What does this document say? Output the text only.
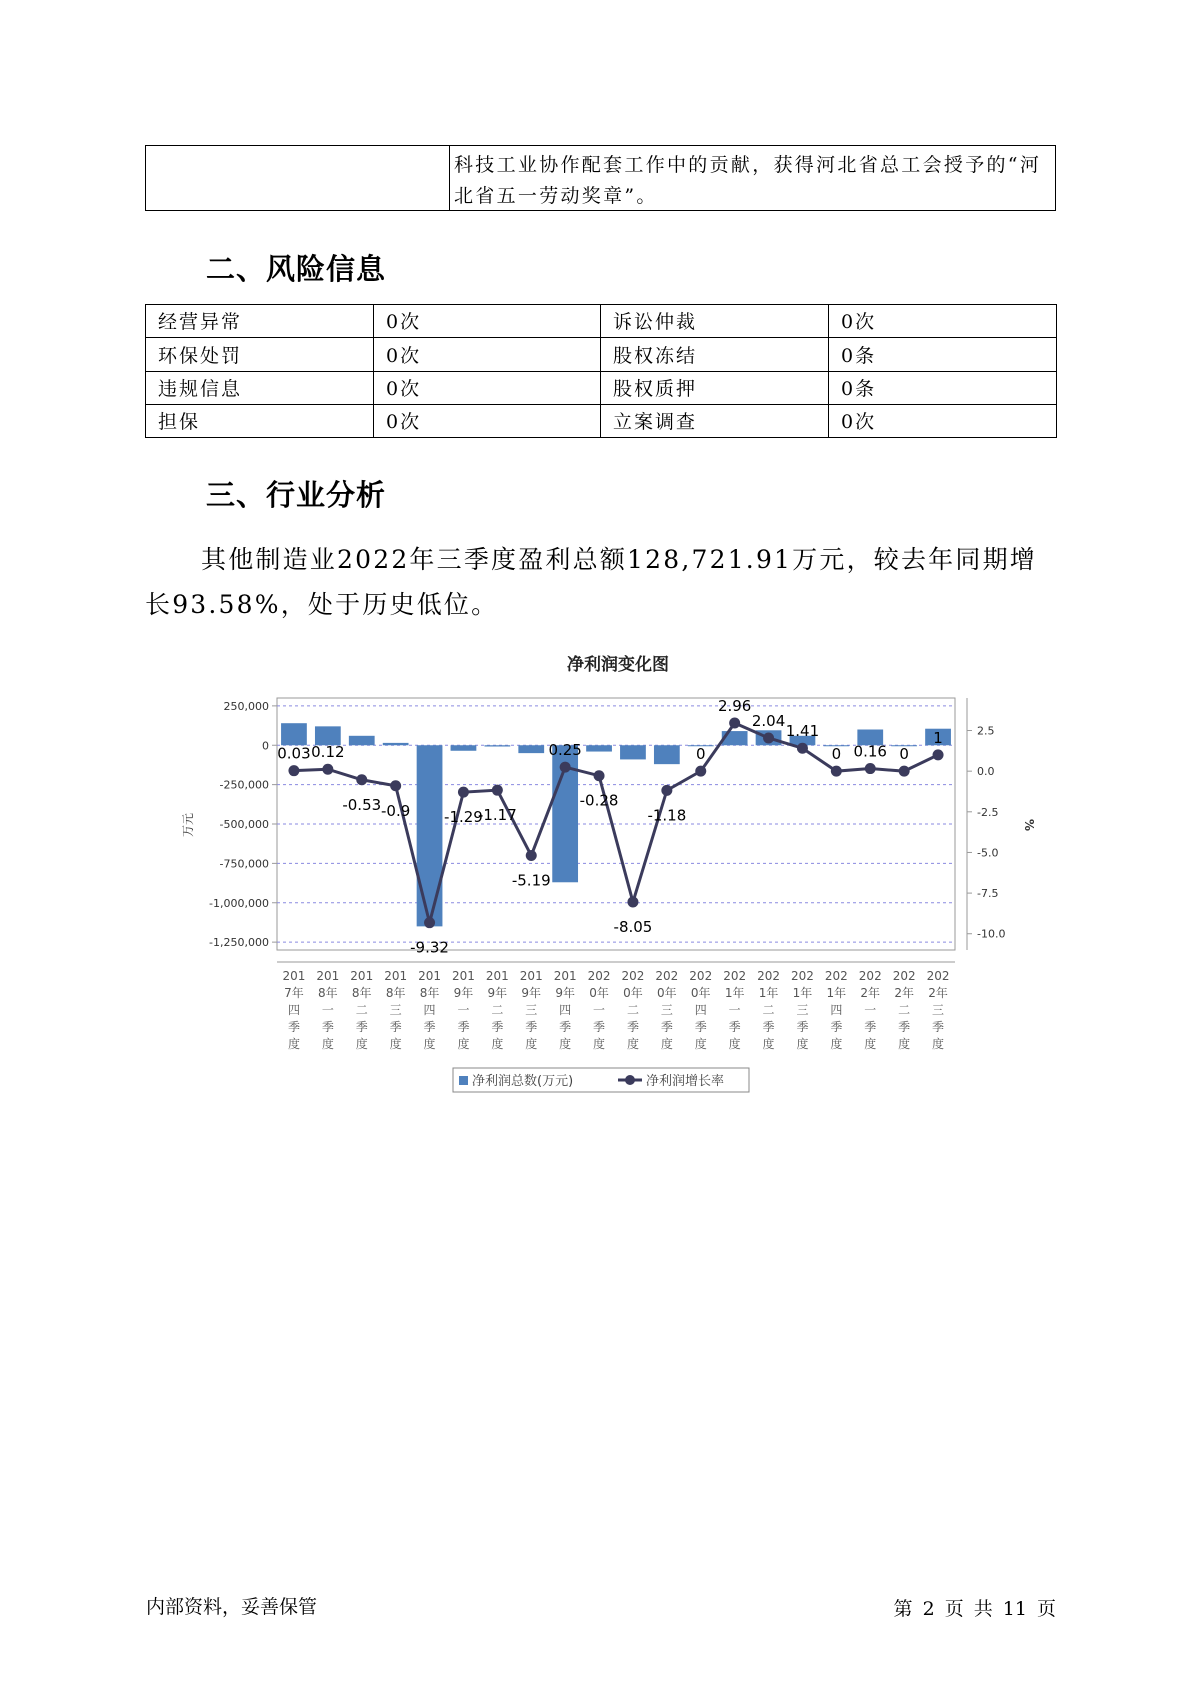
科技工业协作配套工作中的贡献，获得河北省总工会授予的“河北省五一劳动奖章”。
二、风险信息
经营异常	0次	诉讼仲裁	0次
环保处罚	0次	股权冻结	0条
违规信息	0次	股权质押	0条
担保	0次	立案调查	0次
三、行业分析
其他制造业2022年三季度盈利总额128,721.91万元，较去年同期增长93.58%，处于历史低位。
净利润变化图
250,000
0
-250,000
-500,000
-750,000
-1,000,000
-1,250,000
2.5
0.0
-2.5
-5.0
-7.5
-10.0
万元	%
0.03 0.12
-0.53 -0.9
-9.32
-1.29
-1.17
-5.19
0.25
-0.28
-8.05
-1.18
0
2.96
2.04
1.41
0 0.16 0
1
201
7年
四
季
度
201
8年
一
季
度
201
8年
二
季
度
201
8年
三
季
度
201
8年
四
季
度
201
9年
一
季
度
201
9年
二
季
度
201
9年
三
季
度
201
9年
四
季
度
202
0年
一
季
度
202
0年
二
季
度
202
0年
三
季
度
202
0年
四
季
度
202
1年
一
季
度
202
1年
二
季
度
202
1年
三
季
度
202
1年
四
季
度
202
2年
一
季
度
202
2年
二
季
度
202
2年
三
季
度
净利润总数(万元)	净利润增长率
内部资料，妥善保管	第 2 页 共 11 页
